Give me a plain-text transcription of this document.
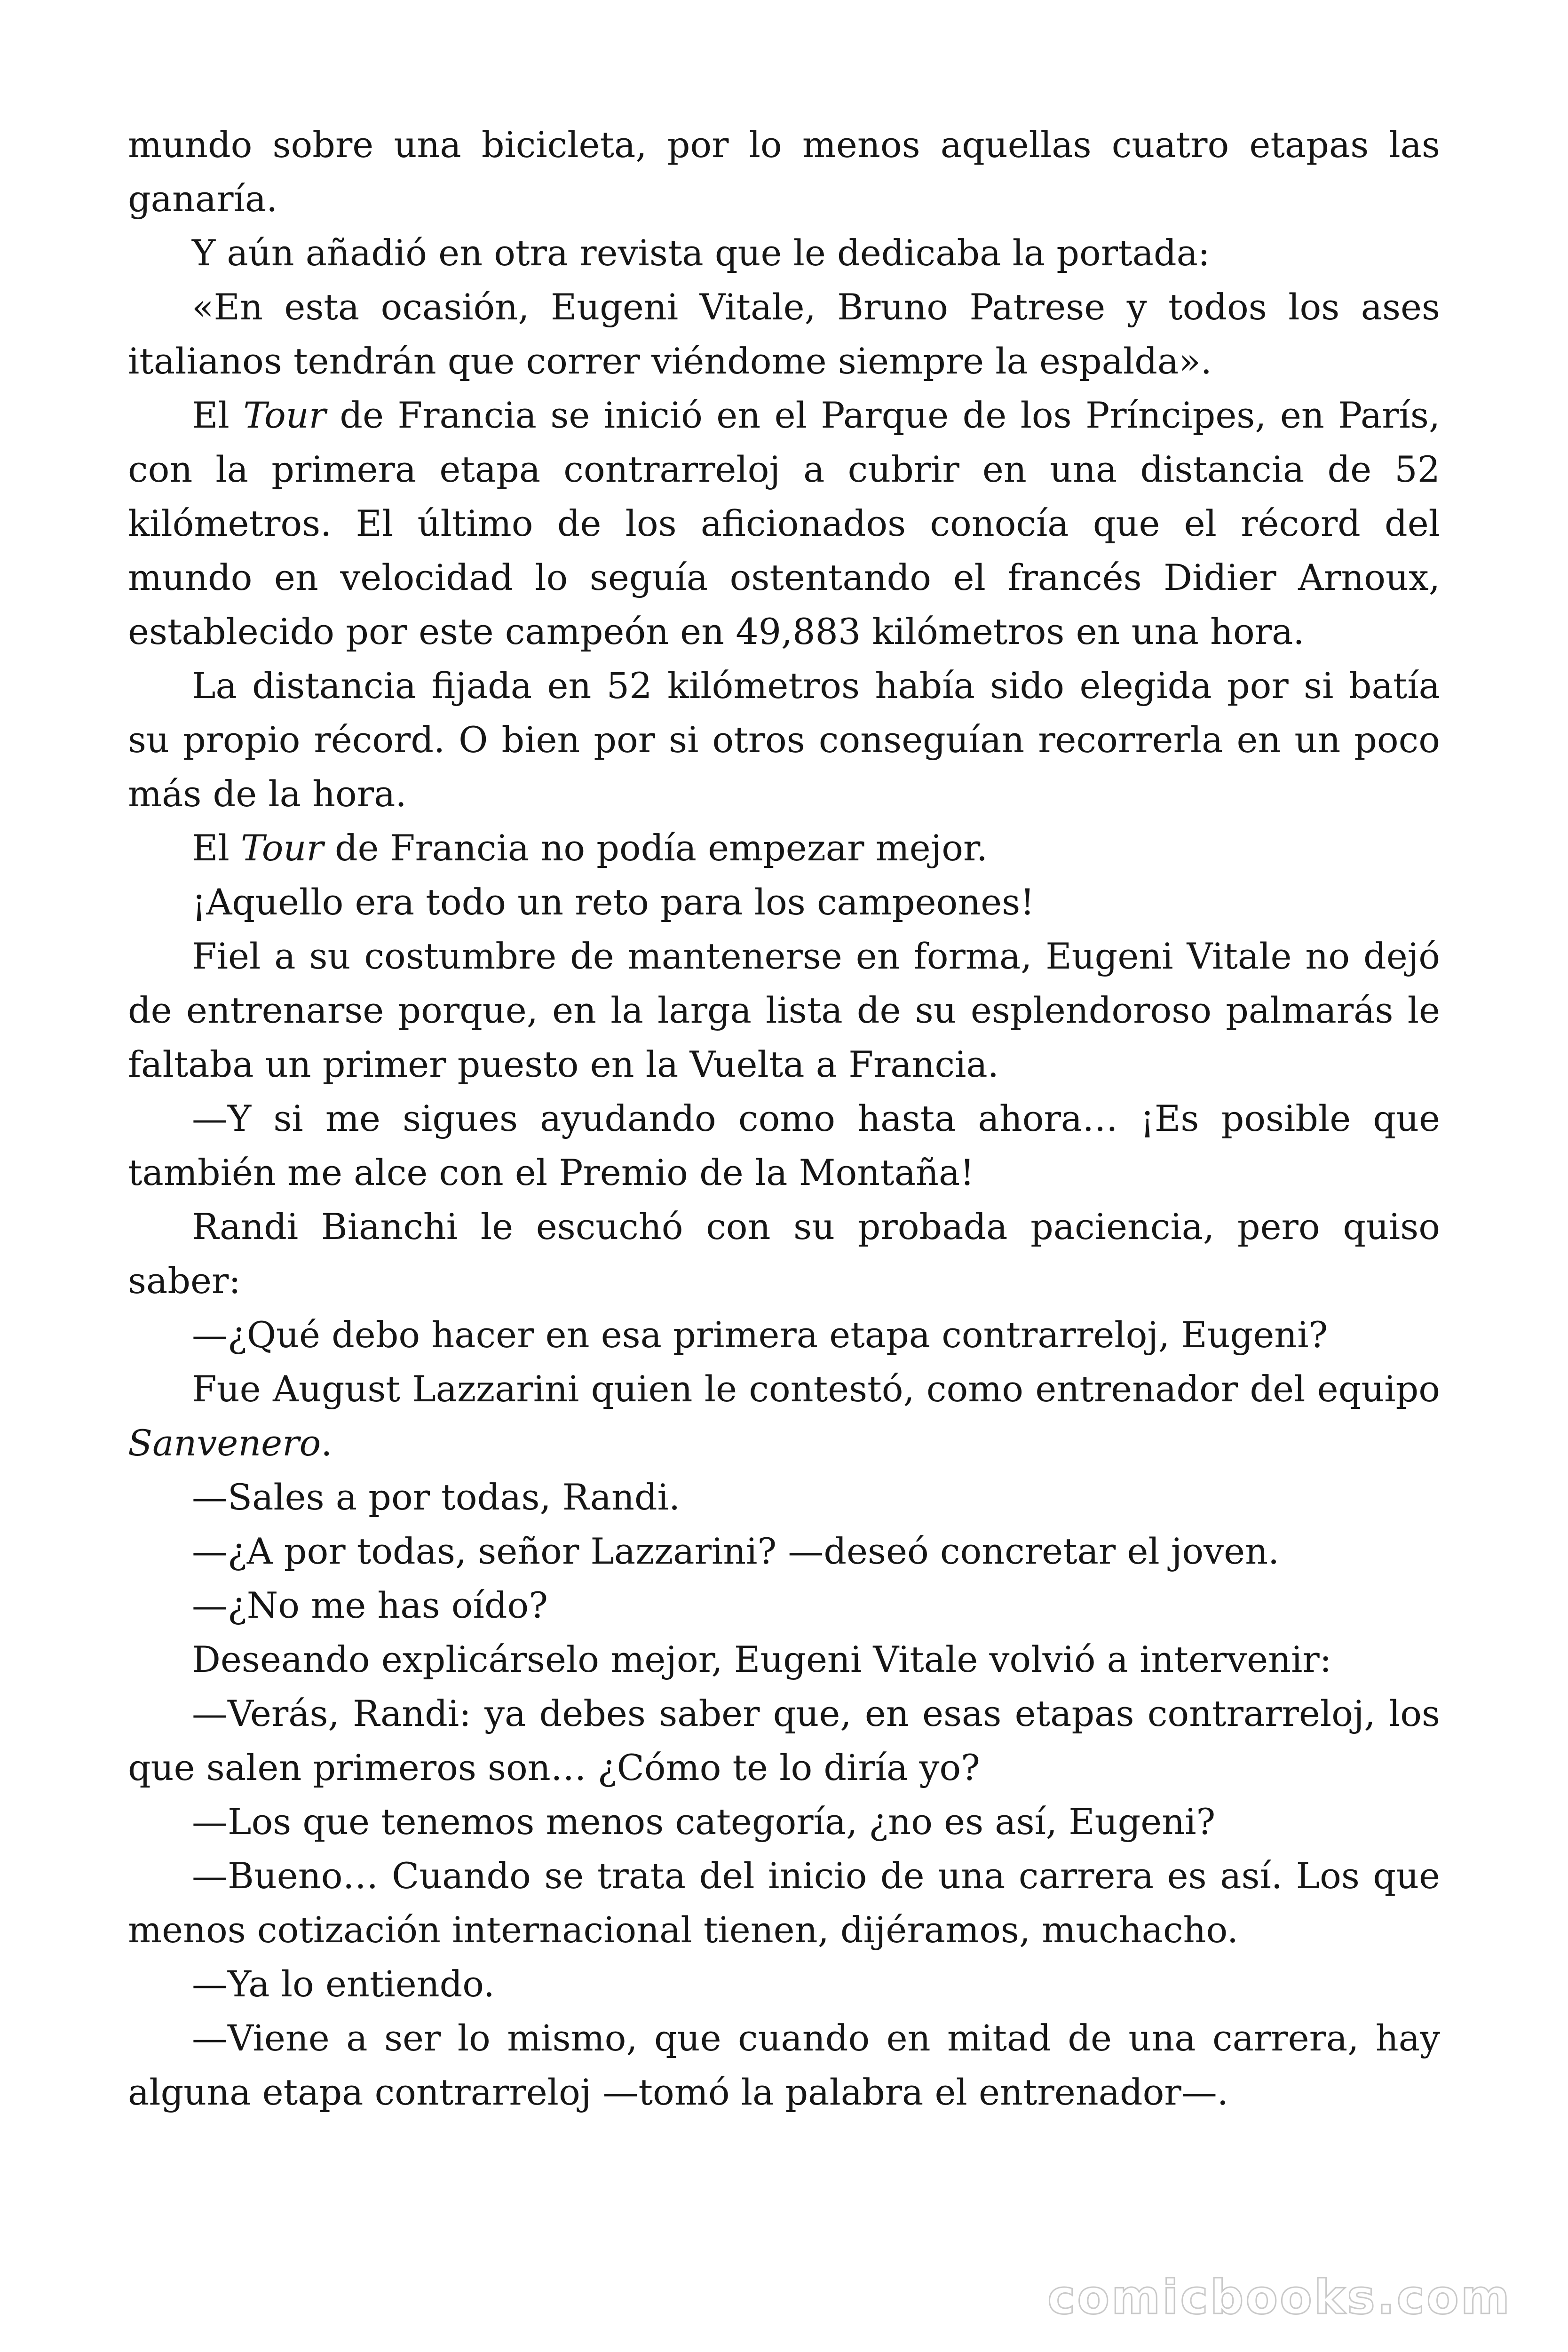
mundo sobre una bicicleta, por lo menos aquellas cuatro etapas las ganaría.

Y aún añadió en otra revista que le dedicaba la portada:

«En esta ocasión, Eugeni Vitale, Bruno Patrese y todos los ases italianos tendrán que correr viéndome siempre la espalda».

El Tour de Francia se inició en el Parque de los Príncipes, en París, con la primera etapa contrarreloj a cubrir en una distancia de 52 kilómetros. El último de los aficionados conocía que el récord del mundo en velocidad lo seguía ostentando el francés Didier Arnoux, establecido por este campeón en 49,883 kilómetros en una hora.

La distancia fijada en 52 kilómetros había sido elegida por si batía su propio récord. O bien por si otros conseguían recorrerla en un poco más de la hora.

El Tour de Francia no podía empezar mejor.

¡Aquello era todo un reto para los campeones!

Fiel a su costumbre de mantenerse en forma, Eugeni Vitale no dejó de entrenarse porque, en la larga lista de su esplendoroso palmarás le faltaba un primer puesto en la Vuelta a Francia.

—Y si me sigues ayudando como hasta ahora… ¡Es posible que también me alce con el Premio de la Montaña!

Randi Bianchi le escuchó con su probada paciencia, pero quiso saber:

—¿Qué debo hacer en esa primera etapa contrarreloj, Eugeni?

Fue August Lazzarini quien le contestó, como entrenador del equipo Sanvenero.

—Sales a por todas, Randi.

—¿A por todas, señor Lazzarini? —deseó concretar el joven.

—¿No me has oído?

Deseando explicárselo mejor, Eugeni Vitale volvió a intervenir:

—Verás, Randi: ya debes saber que, en esas etapas contrarreloj, los que salen primeros son… ¿Cómo te lo diría yo?

—Los que tenemos menos categoría, ¿no es así, Eugeni?

—Bueno… Cuando se trata del inicio de una carrera es así. Los que menos cotización internacional tienen, dijéramos, muchacho.

—Ya lo entiendo.

—Viene a ser lo mismo, que cuando en mitad de una carrera, hay alguna etapa contrarreloj —tomó la palabra el entrenador—.

comicbooks.com
